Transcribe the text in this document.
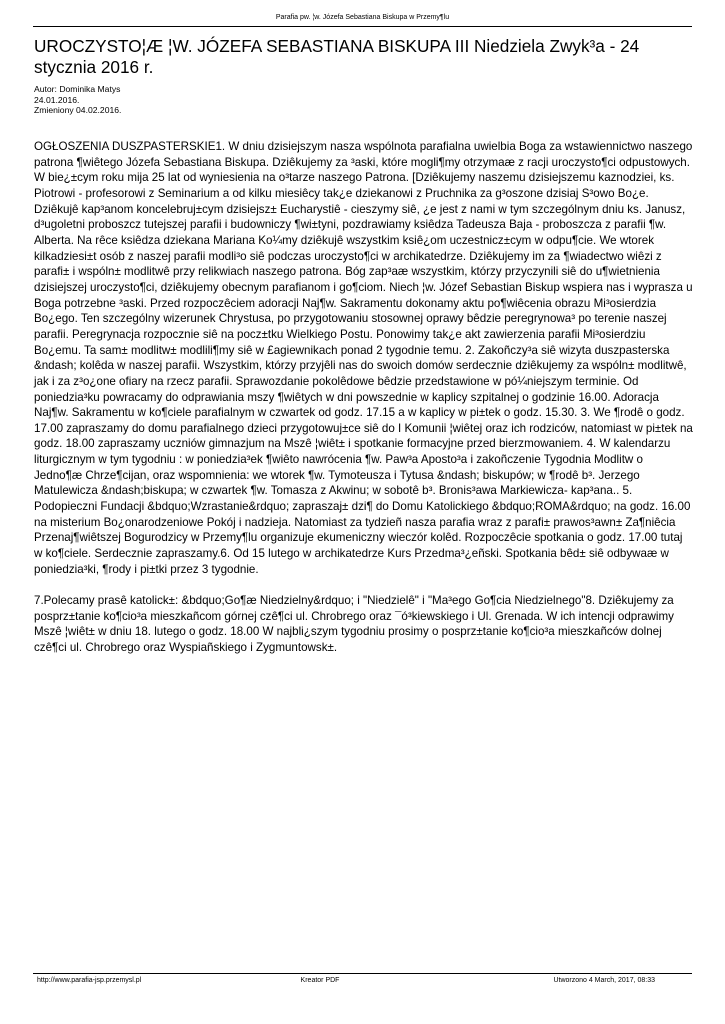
Parafia pw. ¦w. Józefa Sebastiana Biskupa w Przemy¶lu
UROCZYSTO¦Æ ¦W. JÓZEFA SEBASTIANA BISKUPA III Niedziela Zwyk³a - 24 stycznia 2016 r.
Autor: Dominika Matys
24.01.2016.
Zmieniony 04.02.2016.

OGŁOSZENIA DUSZPASTERSKIE1. W dniu dzisiejszym nasza wspólnota parafialna uwielbia Boga za wstawiennictwo naszego patrona ¶wiêtego Józefa Sebastiana Biskupa. Dziêkujemy za ³aski, które mogli¶my otrzymaæ z racji uroczysto¶ci odpustowych. W bie¿±cym roku mija 25 lat od wyniesienia na o³tarze naszego Patrona. [Dziêkujemy naszemu dzisiejszemu kaznodziei, ks. Piotrowi - profesorowi z Seminarium a od kilku miesiêcy tak¿e dziekanowi z Pruchnika za g³oszone dzisiaj S³owo Bo¿e. Dziêkujê kap³anom koncelebruj±cym dzisiejsz± Eucharystiê - cieszymy siê, ¿e jest z nami w tym szczególnym dniu ks. Janusz, d³ugoletni proboszcz tutejszej parafii i budowniczy ¶wi±tyni, pozdrawiamy ksiêdza Tadeusza Baja - proboszcza z parafii ¶w. Alberta. Na rêce ksiêdza dziekana Mariana Ko¼my dziêkujê wszystkim ksiê¿om uczestnicz±cym w odpu¶cie. We wtorek kilkadziesi±t osób z naszej parafii modli³o siê podczas uroczysto¶ci w archikatedrze. Dziêkujemy im za ¶wiadectwo wiêzi z parafi± i wspóln± modlitwê przy relikwiach naszego patrona. Bóg zap³aæ wszystkim, którzy przyczynili siê do u¶wietnienia dzisiejszej uroczysto¶ci, dziêkujemy obecnym parafianom i go¶ciom. Niech ¦w. Józef Sebastian Biskup wspiera nas i wyprasza u Boga potrzebne ³aski. Przed rozpoczêciem adoracji Naj¶w. Sakramentu dokonamy aktu po¶wiêcenia obrazu Mi³osierdzia Bo¿ego. Ten szczególny wizerunek Chrystusa, po przygotowaniu stosownej oprawy bêdzie peregrynowa³ po terenie naszej parafii. Peregrynacja rozpocznie siê na pocz±tku Wielkiego Postu. Ponowimy tak¿e akt zawierzenia parafii Mi³osierdziu Bo¿emu. Ta sam± modlitw± modlili¶my siê w £agiewnikach ponad 2 tygodnie temu. 2. Zakoñczy³a siê wizyta duszpasterska &ndash; kolêda w naszej parafii. Wszystkim, którzy przyjêli nas do swoich domów serdecznie dziêkujemy za wspóln± modlitwê, jak i za z³o¿one ofiary na rzecz parafii. Sprawozdanie pokolêdowe bêdzie przedstawione w pó¼niejszym terminie. Od poniedzia³ku powracamy do odprawiania mszy ¶wiêtych w dni powszednie w kaplicy szpitalnej o godzinie 16.00. Adoracja Naj¶w. Sakramentu w ko¶ciele parafialnym w czwartek od godz. 17.15 a w kaplicy w pi±tek o godz. 15.30. 3. We ¶rodê o godz. 17.00 zapraszamy do domu parafialnego dzieci przygotowuj±ce siê do I Komunii ¦wiêtej oraz ich rodziców, natomiast w pi±tek na godz. 18.00 zapraszamy uczniów gimnazjum na Mszê ¦wiêt± i spotkanie formacyjne przed bierzmowaniem. 4. W kalendarzu liturgicznym w tym tygodniu : w poniedzia³ek ¶wiêto nawrócenia ¶w. Paw³a Aposto³a i zakoñczenie Tygodnia Modlitw o Jedno¶æ Chrze¶cijan, oraz wspomnienia: we wtorek ¶w. Tymoteusza i Tytusa &ndash; biskupów; w ¶rodê b³. Jerzego Matulewicza &ndash;biskupa; w czwartek ¶w. Tomasza z Akwinu; w sobotê b³. Bronis³awa Markiewicza- kap³ana.. 5. Podopieczni Fundacji &bdquo;Wzrastanie&rdquo; zapraszaj± dzi¶ do Domu Katolickiego &bdquo;ROMA&rdquo; na godz. 16.00 na misterium Bo¿onarodzeniowe Pokój i nadzieja. Natomiast za tydzieñ nasza parafia wraz z parafi± prawos³awn± Za¶niêcia Przenaj¶wiêtszej Bogurodzicy w Przemy¶lu organizuje ekumeniczny wieczór kolêd. Rozpoczêcie spotkania o godz. 17.00 tutaj w ko¶ciele. Serdecznie zapraszamy.6. Od 15 lutego w archikatedrze Kurs Przedma³¿eñski. Spotkania bêd± siê odbywaæ w poniedzia³ki, ¶rody i pi±tki przez 3 tygodnie.

7.Polecamy prasê katolick±: &bdquo;Go¶æ Niedzielny&rdquo; i "Niedzielê" i "Ma³ego Go¶cia Niedzielnego"8. Dziêkujemy za posprz±tanie ko¶cio³a mieszkañcom górnej czê¶ci ul. Chrobrego oraz ¯ó³kiewskiego i Ul. Grenada. W ich intencji odprawimy Mszê ¦wiêt± w dniu 18. lutego o godz. 18.00 W najbli¿szym tygodniu prosimy o posprz±tanie ko¶cio³a mieszkañców dolnej czê¶ci ul. Chrobrego oraz Wyspiañskiego i Zygmuntowsk±.

http://www.parafia-jsp.przemysl.pl	Kreator PDF	Utworzono 4 March, 2017, 08:33
